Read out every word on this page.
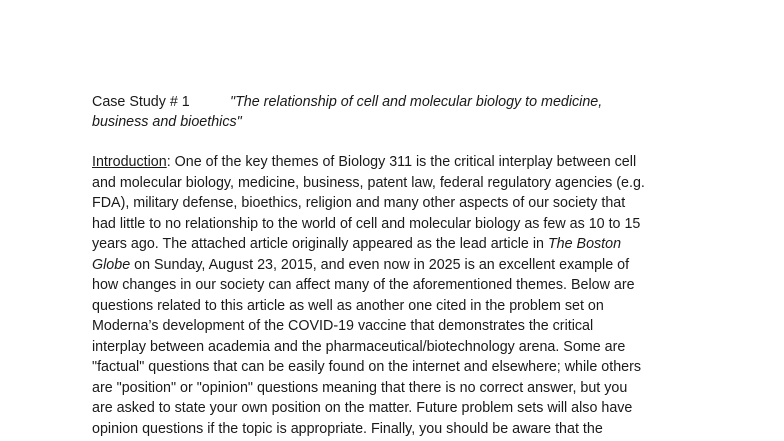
Case Study # 1	"The relationship of cell and molecular biology to medicine,
business and bioethics"
Introduction: One of the key themes of Biology 311 is the critical interplay between cell
and molecular biology, medicine, business, patent law, federal regulatory agencies (e.g.
FDA), military defense, bioethics, religion and many other aspects of our society that
had little to no relationship to the world of cell and molecular biology as few as 10 to 15
years ago. The attached article originally appeared as the lead article in The Boston
Globe on Sunday, August 23, 2015, and even now in 2025 is an excellent example of
how changes in our society can affect many of the aforementioned themes. Below are
questions related to this article as well as another one cited in the problem set on
Moderna’s development of the COVID-19 vaccine that demonstrates the critical
interplay between academia and the pharmaceutical/biotechnology arena. Some are
"factual" questions that can be easily found on the internet and elsewhere; while others
are "position" or "opinion" questions meaning that there is no correct answer, but you
are asked to state your own position on the matter. Future problem sets will also have
opinion questions if the topic is appropriate. Finally, you should be aware that the
